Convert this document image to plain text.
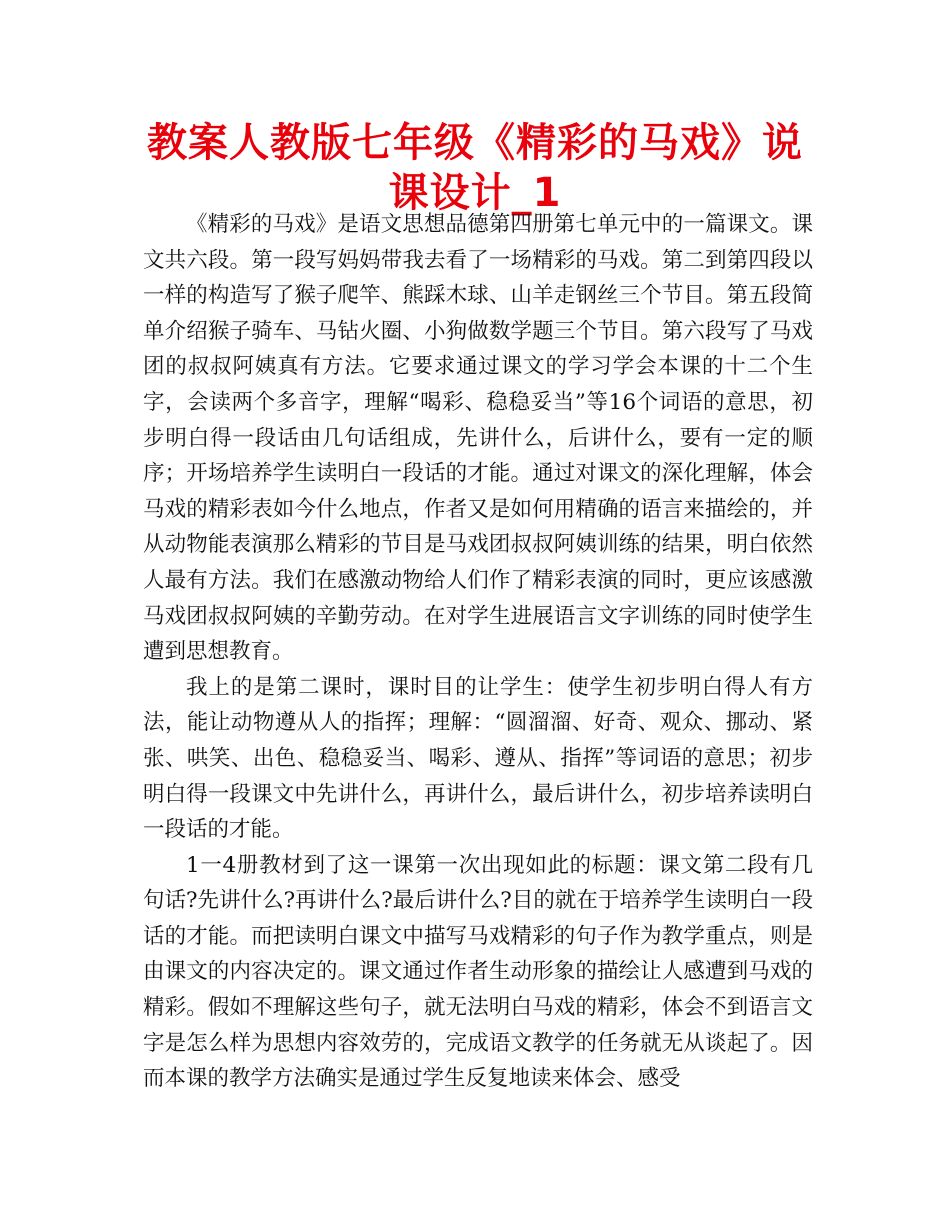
教案人教版七年级《精彩的马戏》说课设计_1

《精彩的马戏》是语文思想品德第四册第七单元中的一篇课文。课文共六段。第一段写妈妈带我去看了一场精彩的马戏。第二到第四段以一样的构造写了猴子爬竿、熊踩木球、山羊走钢丝三个节目。第五段简单介绍猴子骑车、马钻火圈、小狗做数学题三个节目。第六段写了马戏团的叔叔阿姨真有方法。它要求通过课文的学习学会本课的十二个生字，会读两个多音字，理解“喝彩、稳稳妥当”等16个词语的意思，初步明白得一段话由几句话组成，先讲什么，后讲什么，要有一定的顺序；开场培养学生读明白一段话的才能。通过对课文的深化理解，体会马戏的精彩表如今什么地点，作者又是如何用精确的语言来描绘的，并从动物能表演那么精彩的节目是马戏团叔叔阿姨训练的结果，明白依然人最有方法。我们在感激动物给人们作了精彩表演的同时，更应该感激马戏团叔叔阿姨的辛勤劳动。在对学生进展语言文字训练的同时使学生遭到思想教育。

我上的是第二课时，课时目的让学生：使学生初步明白得人有方法，能让动物遵从人的指挥；理解：“圆溜溜、好奇、观众、挪动、紧张、哄笑、出色、稳稳妥当、喝彩、遵从、指挥”等词语的意思；初步明白得一段课文中先讲什么，再讲什么，最后讲什么，初步培养读明白一段话的才能。

1一4册教材到了这一课第一次出现如此的标题：课文第二段有几句话?先讲什么?再讲什么?最后讲什么?目的就在于培养学生读明白一段话的才能。而把读明白课文中描写马戏精彩的句子作为教学重点，则是由课文的内容决定的。课文通过作者生动形象的描绘让人感遭到马戏的精彩。假如不理解这些句子，就无法明白马戏的精彩，体会不到语言文字是怎么样为思想内容效劳的，完成语文教学的任务就无从谈起了。因而本课的教学方法确实是通过学生反复地读来体会、感受
